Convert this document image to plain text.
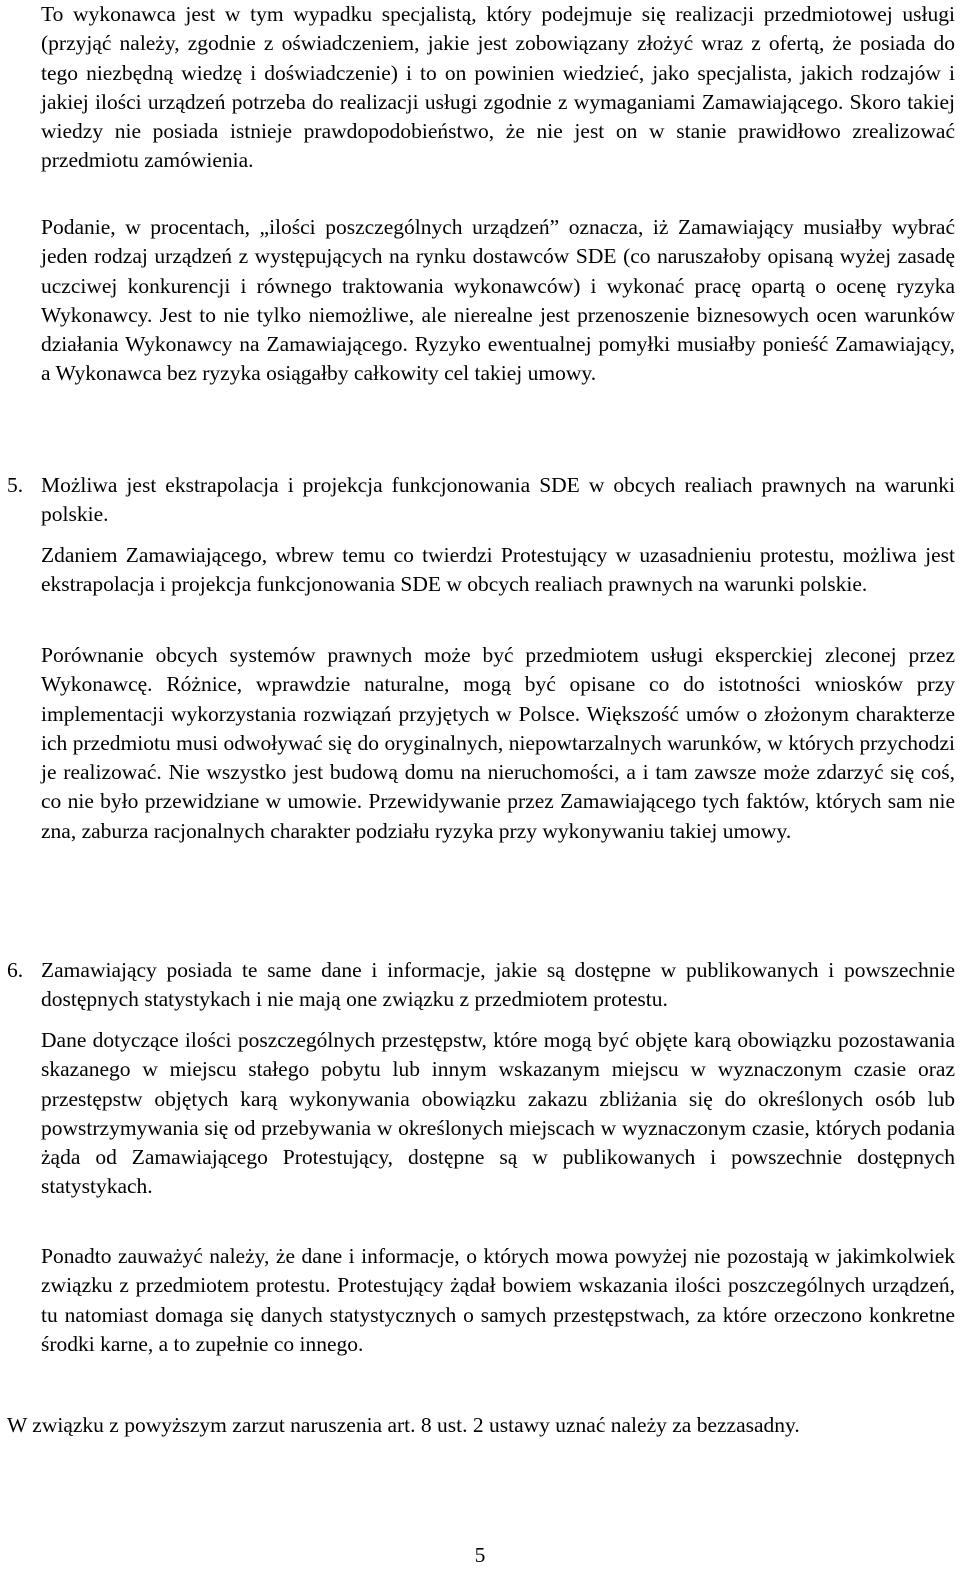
To wykonawca jest w tym wypadku specjalistą, który podejmuje się realizacji przedmiotowej usługi (przyjąć należy, zgodnie z oświadczeniem, jakie jest zobowiązany złożyć wraz z ofertą, że posiada do tego niezbędną wiedzę i doświadczenie) i to on powinien wiedzieć, jako specjalista, jakich rodzajów i jakiej ilości urządzeń potrzeba do realizacji usługi zgodnie z wymaganiami Zamawiającego. Skoro takiej wiedzy nie posiada istnieje prawdopodobieństwo, że nie jest on w stanie prawidłowo zrealizować przedmiotu zamówienia.

Podanie, w procentach, „ilości poszczególnych urządzeń” oznacza, iż Zamawiający musiałby wybrać jeden rodzaj urządzeń z występujących na rynku dostawców SDE (co naruszałoby opisaną wyżej zasadę uczciwej konkurencji i równego traktowania wykonawców) i wykonać pracę opartą o ocenę ryzyka Wykonawcy. Jest to nie tylko niemożliwe, ale nierealne jest przenoszenie biznesowych ocen warunków działania Wykonawcy na Zamawiającego. Ryzyko ewentualnej pomyłki musiałby ponieść Zamawiający, a Wykonawca bez ryzyka osiągałby całkowity cel takiej umowy.

5. Możliwa jest ekstrapolacja i projekcja funkcjonowania SDE w obcych realiach prawnych na warunki polskie.

Zdaniem Zamawiającego, wbrew temu co twierdzi Protestujący w uzasadnieniu protestu, możliwa jest ekstrapolacja i projekcja funkcjonowania SDE w obcych realiach prawnych na warunki polskie.

Porównanie obcych systemów prawnych może być przedmiotem usługi eksperckiej zleconej przez Wykonawcę. Różnice, wprawdzie naturalne, mogą być opisane co do istotności wniosków przy implementacji wykorzystania rozwiązań przyjętych w Polsce. Większość umów o złożonym charakterze ich przedmiotu musi odwoływać się do oryginalnych, niepowtarzalnych warunków, w których przychodzi je realizować. Nie wszystko jest budową domu na nieruchomości, a i tam zawsze może zdarzyć się coś, co nie było przewidziane w umowie. Przewidywanie przez Zamawiającego tych faktów, których sam nie zna, zaburza racjonalnych charakter podziału ryzyka przy wykonywaniu takiej umowy.

6. Zamawiający posiada te same dane i informacje, jakie są dostępne w publikowanych i powszechnie dostępnych statystykach i nie mają one związku z przedmiotem protestu.

Dane dotyczące ilości poszczególnych przestępstw, które mogą być objęte karą obowiązku pozostawania skazanego w miejscu stałego pobytu lub innym wskazanym miejscu w wyznaczonym czasie oraz przestępstw objętych karą wykonywania obowiązku zakazu zbliżania się do określonych osób lub powstrzymywania się od przebywania w określonych miejscach w wyznaczonym czasie, których podania żąda od Zamawiającego Protestujący, dostępne są w publikowanych i powszechnie dostępnych statystykach.

Ponadto zauważyć należy, że dane i informacje, o których mowa powyżej nie pozostają w jakimkolwiek związku z przedmiotem protestu. Protestujący żądał bowiem wskazania ilości poszczególnych urządzeń, tu natomiast domaga się danych statystycznych o samych przestępstwach, za które orzeczono konkretne środki karne, a to zupełnie co innego.

W związku z powyższym zarzut naruszenia art. 8 ust. 2 ustawy uznać należy za bezzasadny.

5
